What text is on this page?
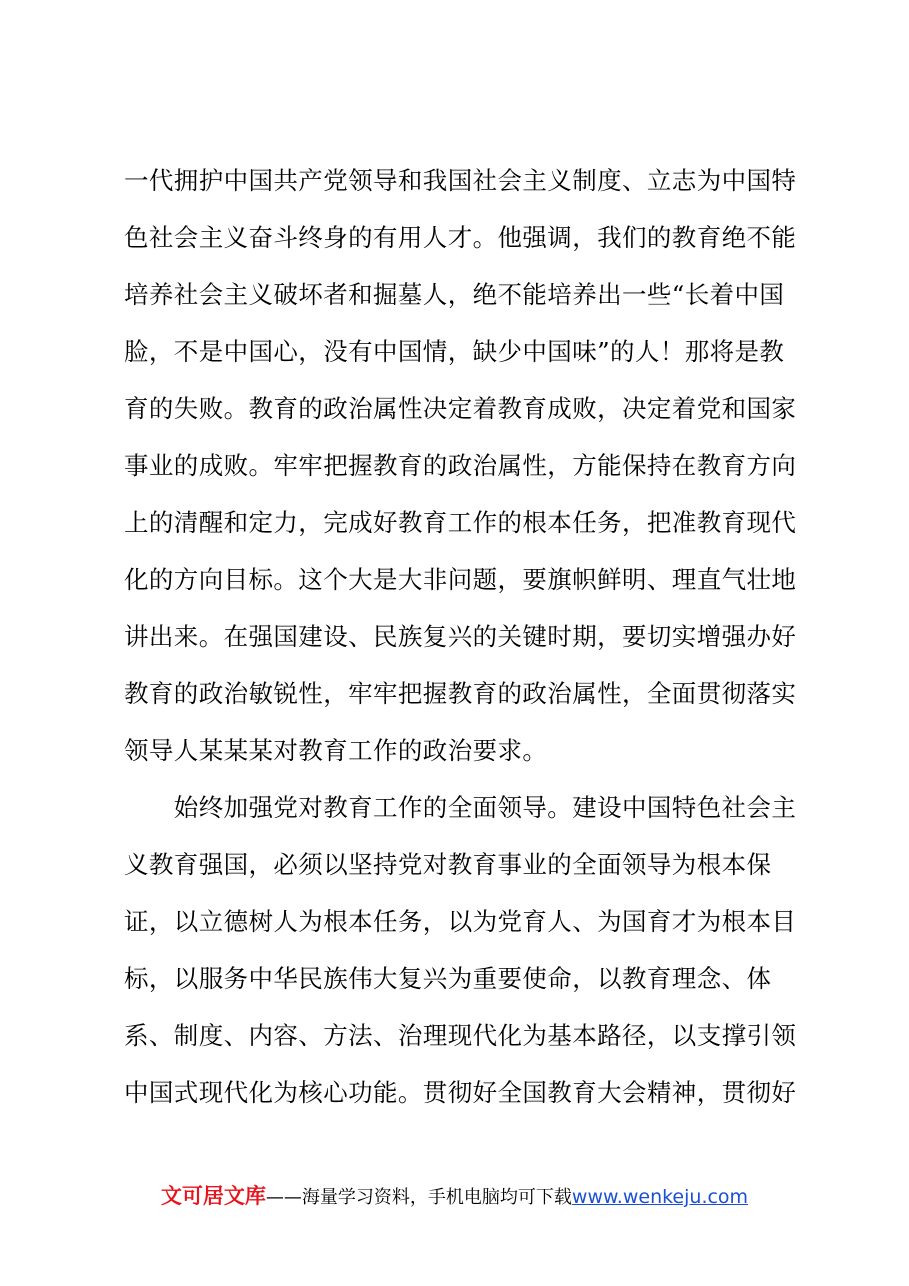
一代拥护中国共产党领导和我国社会主义制度、立志为中国特
色社会主义奋斗终身的有用人才。他强调，我们的教育绝不能
培养社会主义破坏者和掘墓人，绝不能培养出一些“长着中国
脸，不是中国心，没有中国情，缺少中国味”的人！那将是教
育的失败。教育的政治属性决定着教育成败，决定着党和国家
事业的成败。牢牢把握教育的政治属性，方能保持在教育方向
上的清醒和定力，完成好教育工作的根本任务，把准教育现代
化的方向目标。这个大是大非问题，要旗帜鲜明、理直气壮地
讲出来。在强国建设、民族复兴的关键时期，要切实增强办好
教育的政治敏锐性，牢牢把握教育的政治属性，全面贯彻落实
领导人某某某对教育工作的政治要求。
　　始终加强党对教育工作的全面领导。建设中国特色社会主
义教育强国，必须以坚持党对教育事业的全面领导为根本保
证，以立德树人为根本任务，以为党育人、为国育才为根本目
标，以服务中华民族伟大复兴为重要使命，以教育理念、体
系、制度、内容、方法、治理现代化为基本路径，以支撑引领
中国式现代化为核心功能。贯彻好全国教育大会精神，贯彻好
文可居文库——海量学习资料，手机电脑均可下载www.wenkeju.com
